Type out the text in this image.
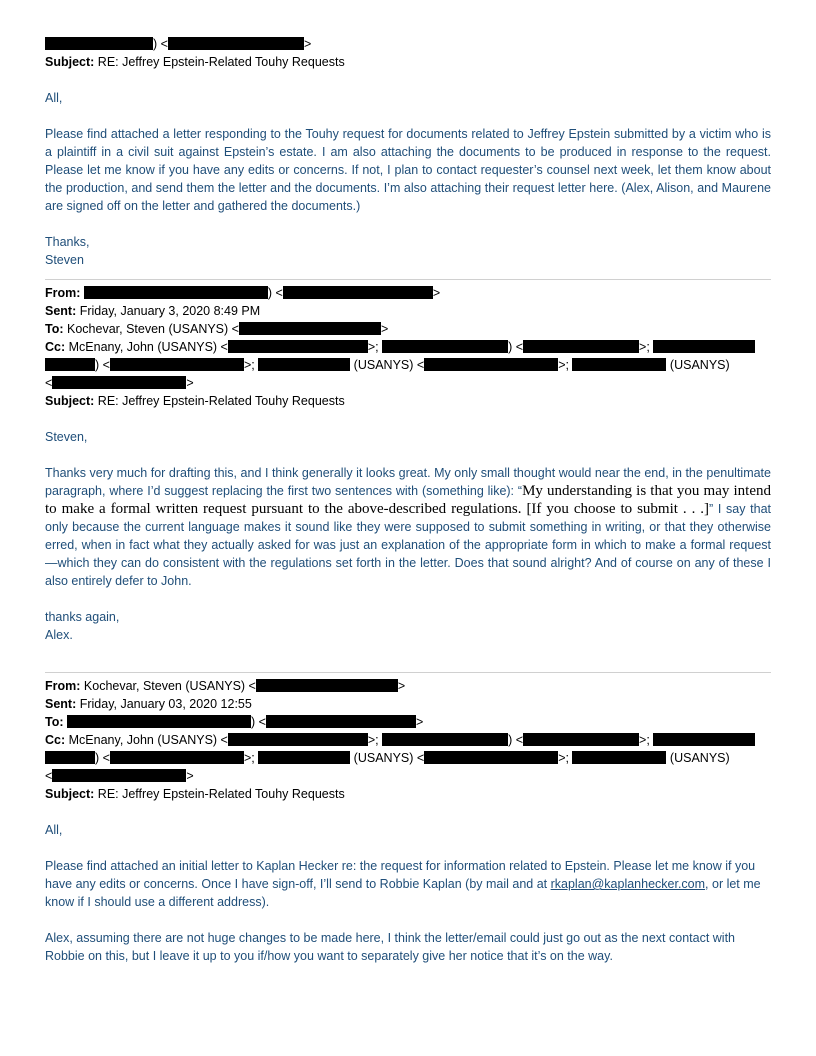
) <	>
Subject: RE: Jeffrey Epstein-Related Touhy Requests
All,
Please find attached a letter responding to the Touhy request for documents related to Jeffrey Epstein submitted by a victim who is a plaintiff in a civil suit against Epstein’s estate. I am also attaching the documents to be produced in response to the request. Please let me know if you have any edits or concerns. If not, I plan to contact requester’s counsel next week, let them know about the production, and send them the letter and the documents. I’m also attaching their request letter here. (Alex, Alison, and Maurene are signed off on the letter and gathered the documents.)
Thanks,
Steven
From:	) <	>
Sent: Friday, January 3, 2020 8:49 PM
To: Kochevar, Steven (USANYS) <	>
Cc: McEnany, John (USANYS) <	>;	) <	>;
) <	>;	(USANYS) <	>;	(USANYS)
<	>
Subject: RE: Jeffrey Epstein-Related Touhy Requests
Steven,
Thanks very much for drafting this, and I think generally it looks great. My only small thought would near the end, in the penultimate paragraph, where I’d suggest replacing the first two sentences with (something like): “My understanding is that you may intend to make a formal written request pursuant to the above-described regulations. [If you choose to submit . . .]” I say that only because the current language makes it sound like they were supposed to submit something in writing, or that they otherwise erred, when in fact what they actually asked for was just an explanation of the appropriate form in which to make a formal request—which they can do consistent with the regulations set forth in the letter. Does that sound alright? And of course on any of these I also entirely defer to John.
thanks again,
Alex.
From: Kochevar, Steven (USANYS) <	>
Sent: Friday, January 03, 2020 12:55
To:	) <	>
Cc: McEnany, John (USANYS) <	>;	) <	>;
) <	>;	(USANYS) <	>;	(USANYS)
<	>
Subject: RE: Jeffrey Epstein-Related Touhy Requests
All,
Please find attached an initial letter to Kaplan Hecker re: the request for information related to Epstein. Please let me know if you have any edits or concerns. Once I have sign-off, I’ll send to Robbie Kaplan (by mail and at rkaplan@kaplanhecker.com, or let me know if I should use a different address).
Alex, assuming there are not huge changes to be made here, I think the letter/email could just go out as the next contact with Robbie on this, but I leave it up to you if/how you want to separately give her notice that it’s on the way.
